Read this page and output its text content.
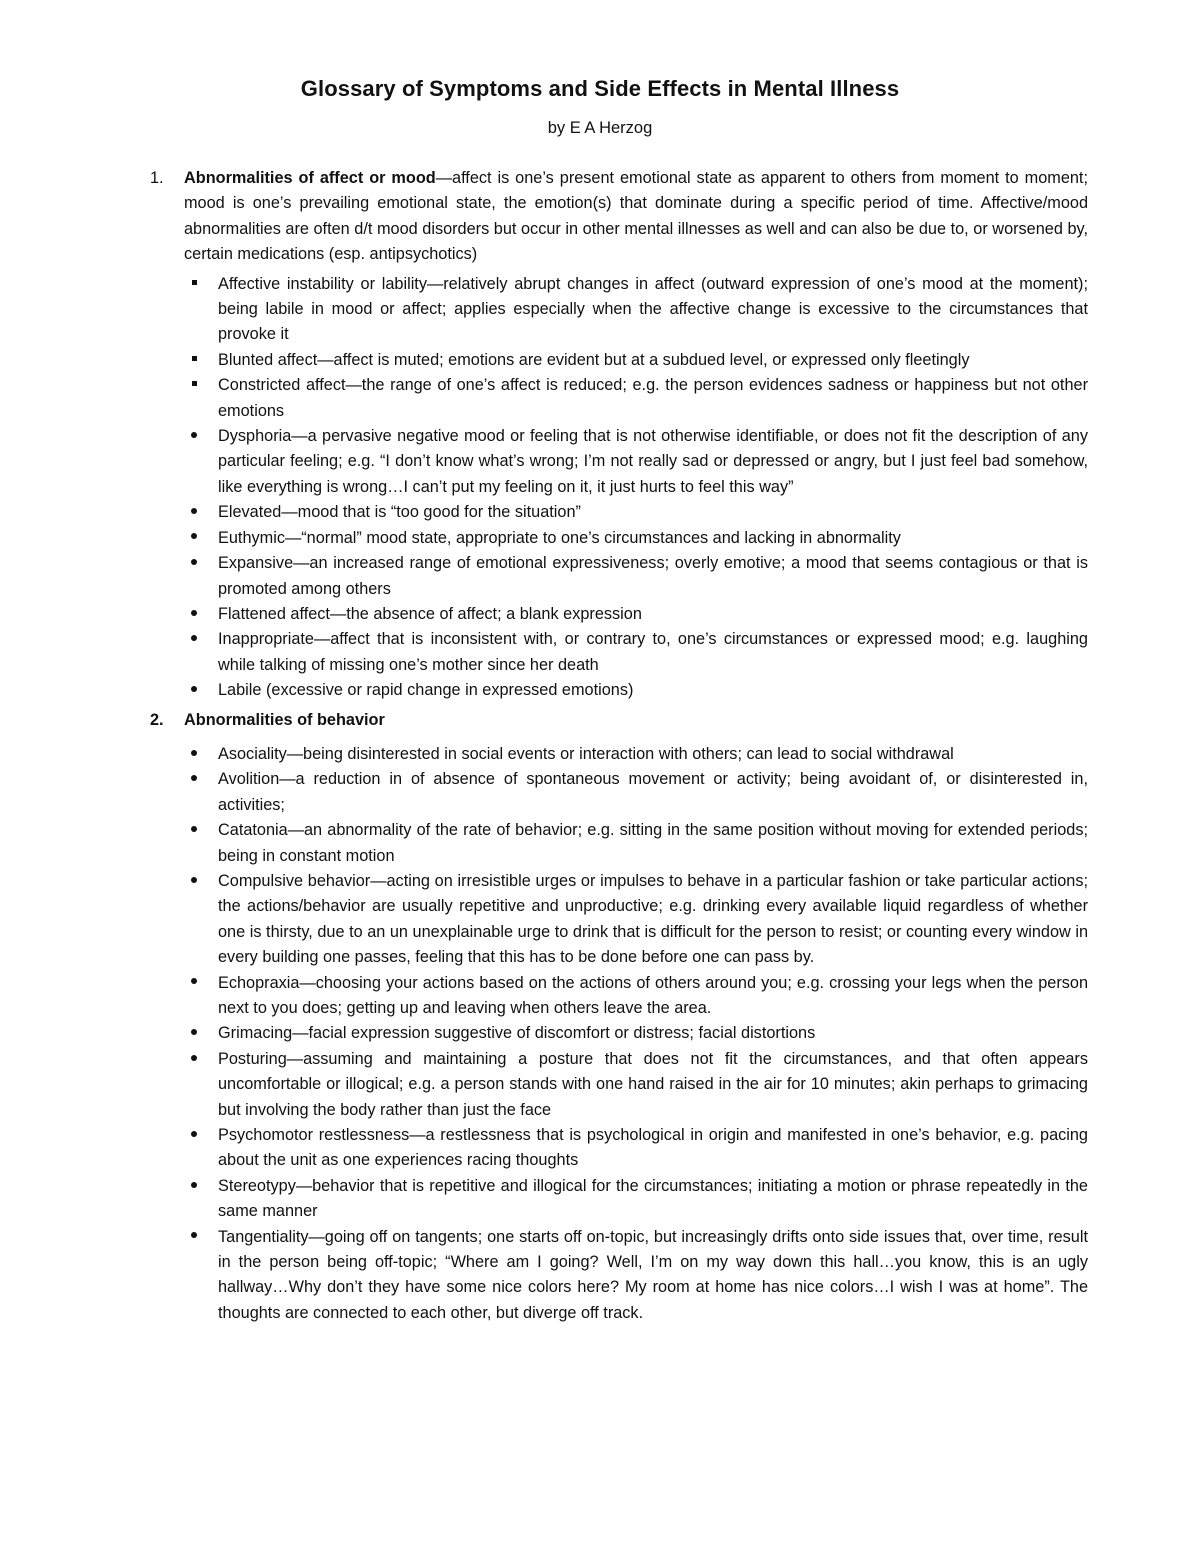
Glossary of Symptoms and Side Effects in Mental Illness
by E A Herzog
1.	Abnormalities of affect or mood—affect is one’s present emotional state as apparent to others from moment to moment; mood is one’s prevailing emotional state, the emotion(s) that dominate during a specific period of time. Affective/mood abnormalities are often d/t mood disorders but occur in other mental illnesses as well and can also be due to, or worsened by, certain medications (esp. antipsychotics)
Affective instability or lability—relatively abrupt changes in affect (outward expression of one’s mood at the moment); being labile in mood or affect; applies especially when the affective change is excessive to the circumstances that provoke it
Blunted affect—affect is muted; emotions are evident but at a subdued level, or expressed only fleetingly
Constricted affect—the range of one’s affect is reduced; e.g. the person evidences sadness or happiness but not other emotions
Dysphoria—a pervasive negative mood or feeling that is not otherwise identifiable, or does not fit the description of any particular feeling; e.g. “I don’t know what’s wrong; I’m not really sad or depressed or angry, but I just feel bad somehow, like everything is wrong…I can’t put my feeling on it, it just hurts to feel this way”
Elevated—mood that is “too good for the situation”
Euthymic—“normal” mood state, appropriate to one’s circumstances and lacking in abnormality
Expansive—an increased range of emotional expressiveness; overly emotive; a mood that seems contagious or that is promoted among others
Flattened affect—the absence of affect; a blank expression
Inappropriate—affect that is inconsistent with, or contrary to, one’s circumstances or expressed mood; e.g. laughing while talking of missing one’s mother since her death
Labile (excessive or rapid change in expressed emotions)
2.	Abnormalities of behavior
Asociality—being disinterested in social events or interaction with others; can lead to social withdrawal
Avolition—a reduction in of absence of spontaneous movement or activity; being avoidant of, or disinterested in, activities;
Catatonia—an abnormality of the rate of behavior; e.g. sitting in the same position without moving for extended periods; being in constant motion
Compulsive behavior—acting on irresistible urges or impulses to behave in a particular fashion or take particular actions; the actions/behavior are usually repetitive and unproductive; e.g. drinking every available liquid regardless of whether one is thirsty, due to an un unexplainable urge to drink that is difficult for the person to resist; or counting every window in every building one passes, feeling that this has to be done before one can pass by.
Echopraxia—choosing your actions based on the actions of others around you; e.g. crossing your legs when the person next to you does; getting up and leaving when others leave the area.
Grimacing—facial expression suggestive of discomfort or distress; facial distortions
Posturing—assuming and maintaining a posture that does not fit the circumstances, and that often appears uncomfortable or illogical; e.g. a person stands with one hand raised in the air for 10 minutes; akin perhaps to grimacing but involving the body rather than just the face
Psychomotor restlessness—a restlessness that is psychological in origin and manifested in one’s behavior, e.g. pacing about the unit as one experiences racing thoughts
Stereotypy—behavior that is repetitive and illogical for the circumstances; initiating a motion or phrase repeatedly in the same manner
Tangentiality—going off on tangents; one starts off on-topic, but increasingly drifts onto side issues that, over time, result in the person being off-topic; “Where am I going? Well, I’m on my way down this hall…you know, this is an ugly hallway…Why don’t they have some nice colors here? My room at home has nice colors…I wish I was at home”. The thoughts are connected to each other, but diverge off track.
